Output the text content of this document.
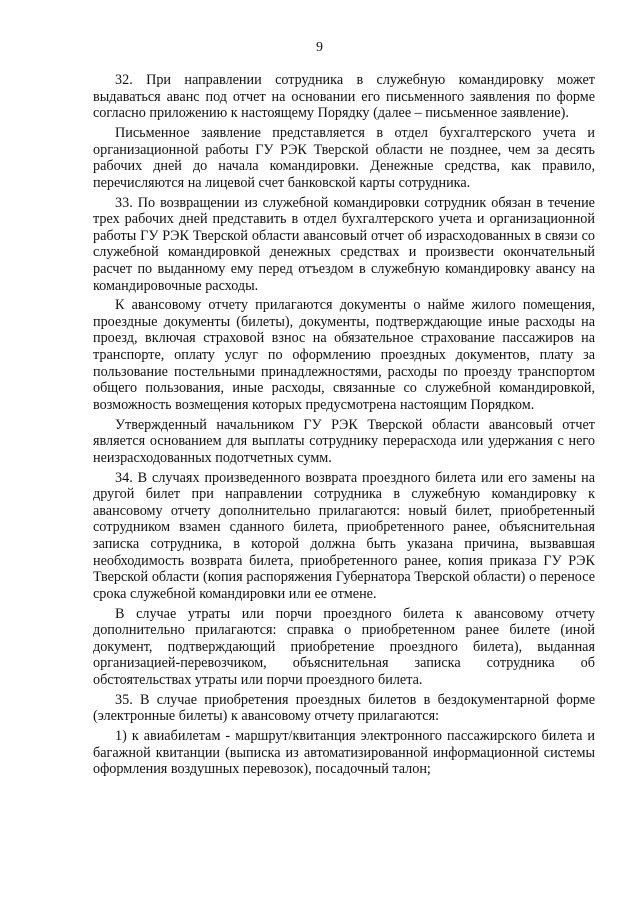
9

32. При направлении сотрудника в служебную командировку может выдаваться аванс под отчет на основании его письменного заявления по форме согласно приложению к настоящему Порядку (далее – письменное заявление).

Письменное заявление представляется в отдел бухгалтерского учета и организационной работы ГУ РЭК Тверской области не позднее, чем за десять рабочих дней до начала командировки. Денежные средства, как правило, перечисляются на лицевой счет банковской карты сотрудника.

33. По возвращении из служебной командировки сотрудник обязан в течение трех рабочих дней представить в отдел бухгалтерского учета и организационной работы ГУ РЭК Тверской области авансовый отчет об израсходованных в связи со служебной командировкой денежных средствах и произвести окончательный расчет по выданному ему перед отъездом в служебную командировку авансу на командировочные расходы.

К авансовому отчету прилагаются документы о найме жилого помещения, проездные документы (билеты), документы, подтверждающие иные расходы на проезд, включая страховой взнос на обязательное страхование пассажиров на транспорте, оплату услуг по оформлению проездных документов, плату за пользование постельными принадлежностями, расходы по проезду транспортом общего пользования, иные расходы, связанные со служебной командировкой, возможность возмещения которых предусмотрена настоящим Порядком.

Утвержденный начальником ГУ РЭК Тверской области авансовый отчет является основанием для выплаты сотруднику перерасхода или удержания с него неизрасходованных подотчетных сумм.

34. В случаях произведенного возврата проездного билета или его замены на другой билет при направлении сотрудника в служебную командировку к авансовому отчету дополнительно прилагаются: новый билет, приобретенный сотрудником взамен сданного билета, приобретенного ранее, объяснительная записка сотрудника, в которой должна быть указана причина, вызвавшая необходимость возврата билета, приобретенного ранее, копия приказа ГУ РЭК Тверской области (копия распоряжения Губернатора Тверской области) о переносе срока служебной командировки или ее отмене.

В случае утраты или порчи проездного билета к авансовому отчету дополнительно прилагаются: справка о приобретенном ранее билете (иной документ, подтверждающий приобретение проездного билета), выданная организацией-перевозчиком, объяснительная записка сотрудника об обстоятельствах утраты или порчи проездного билета.

35. В случае приобретения проездных билетов в бездокументарной форме (электронные билеты) к авансовому отчету прилагаются:

1) к авиабилетам - маршрут/квитанция электронного пассажирского билета и багажной квитанции (выписка из автоматизированной информационной системы оформления воздушных перевозок), посадочный талон;
